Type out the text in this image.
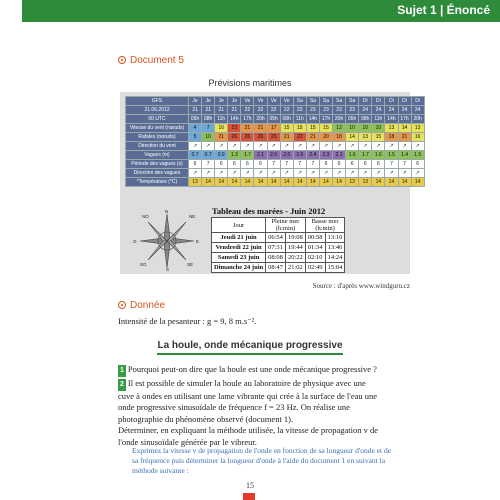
Sujet 1 | Énoncé
Document 5
Prévisions maritimes
GFS	Je	Je	Je	Je	Ve	Ve	Ve	Ve	Sa	Sa	Sa	Sa	Sa	Di	Di	Di	Di	Di
21.06.2012	21	21	21	21	22	22	22	22	23	23	23	23	23	24	24	24	24	24
00 UTC	05h	08h	11h	14h	17h	20h	05h	08h	11h	14h	17h	20h	05h	08h	11h	14h	17h	20h
Vitesse du vent (nœuds)	4	7	16	23	21	21	17	15	15	15	15	12	10	10	10	13	14	13
Rafales (nœuds)	5	10	21	26	26	26	23	21	22	21	20	18	14	13	15	18	21	16
Direction du vent	↗	↗	↗	↗	↗	↗	↗	↗	↗	↗	↗	↗	↗	↗	↗	↗	↗	↗
Vagues (m)	0.7	0.7	0.9	1.3	1.7	2.1	2.6	2.6	2.6	2.4	2.3	2.1	1.6	1.7	1.6	1.5	1.4	1.5
Période des vagues (s)	6	7	6	6	6	6	7	7	7	7	6	6	6	6	6	7	7	6
Direction des vagues	↗	↗	↗	↗	↗	↗	↗	↗	↗	↗	↗	↗	↗	↗	↗	↗	↗	↗
*Température (°C)	13	14	14	14	14	14	14	14	14	14	14	14	13	13	14	14	14	14
NO
N
NE
O	E
SO
S
SE
Tableau des marées - Juin 2012
Jour	Pleine mer
(h:min)		Basse mer
(h:min)	
Jeudi 21 juin	06:54	19:08	00:58	13:10
Vendredi 22 juin	07:31	19:44	01:34	13:46
Samedi 23 juin	08:08	20:22	02:10	14:24
Dimanche 24 juin	08:47	21:02	02:49	15:04
Source : d'après www.windguru.cz
Donnée
Intensité de la pesanteur : g = 9, 8 m.s⁻².
La houle, onde mécanique progressive
1 Pourquoi peut-on dire que la houle est une onde mécanique progressive ?
2 Il est possible de simuler la houle au laboratoire de physique avec une cuve à ondes en utilisant une lame vibrante qui crée à la surface de l'eau une onde progressive sinusoïdale de fréquence f = 23 Hz. On réalise une photographie du phénomène observé (document 1).
Déterminer, en expliquant la méthode utilisée, la vitesse de propagation v de l'onde sinusoïdale générée par le vibreur.
Exprimez la vitesse v de propagation de l'onde en fonction de sa longueur d'onde et de sa fréquence puis déterminer la longueur d'onde à l'aide du document 1 en suivant la méthode suivante :
15
